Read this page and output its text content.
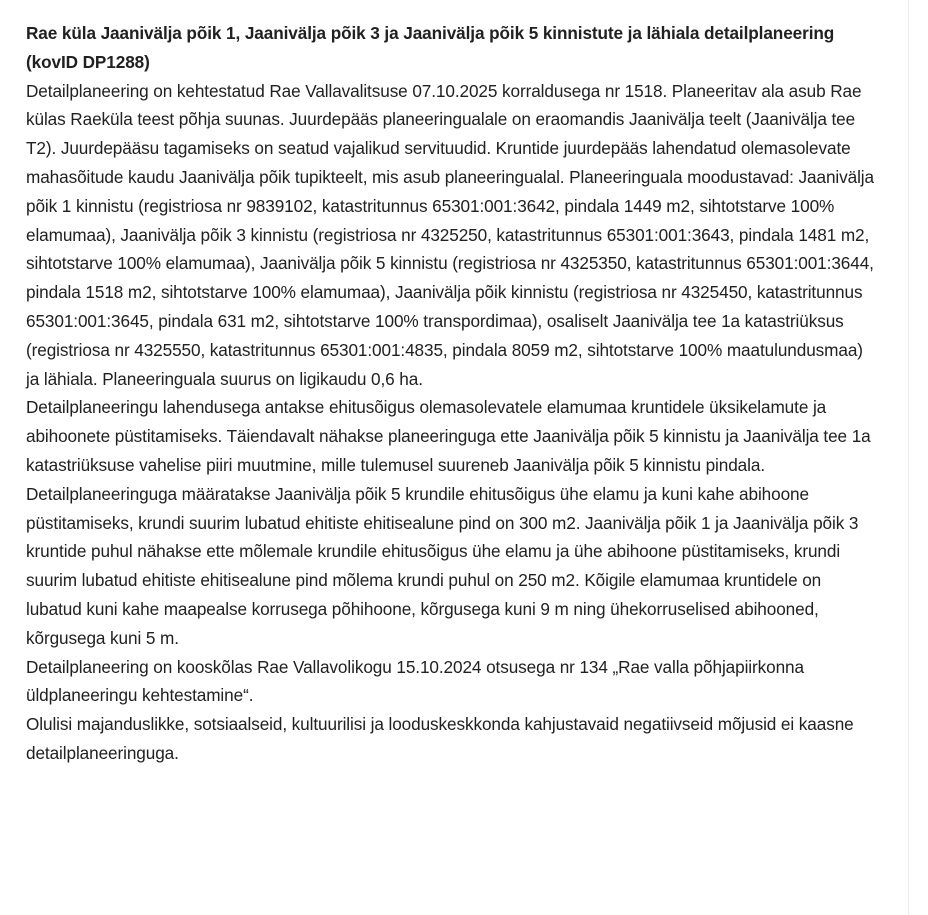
Rae küla Jaanivälja põik 1, Jaanivälja põik 3 ja Jaanivälja põik 5 kinnistute ja lähiala detailplaneering (kovID DP1288)

Detailplaneering on kehtestatud Rae Vallavalitsuse 07.10.2025 korraldusega nr 1518. Planeeritav ala asub Rae külas Raeküla teest põhja suunas. Juurdepääs planeeringualale on eraomandis Jaanivälja teelt (Jaanivälja tee T2). Juurdepääsu tagamiseks on seatud vajalikud servituudid. Kruntide juurdepääs lahendatud olemasolevate mahasõitude kaudu Jaanivälja põik tupikteelt, mis asub planeeringualal. Planeeringuala moodustavad: Jaanivälja põik 1 kinnistu (registriosa nr 9839102, katastritunnus 65301:001:3642, pindala 1449 m2, sihtotstarve 100% elamumaa), Jaanivälja põik 3 kinnistu (registriosa nr 4325250, katastritunnus 65301:001:3643, pindala 1481 m2, sihtotstarve 100% elamumaa), Jaanivälja põik 5 kinnistu (registriosa nr 4325350, katastritunnus 65301:001:3644, pindala 1518 m2, sihtotstarve 100% elamumaa), Jaanivälja põik kinnistu (registriosa nr 4325450, katastritunnus 65301:001:3645, pindala 631 m2, sihtotstarve 100% transpordimaa), osaliselt Jaanivälja tee 1a katastriüksus (registriosa nr 4325550, katastritunnus 65301:001:4835, pindala 8059 m2, sihtotstarve 100% maatulundusmaa) ja lähiala. Planeeringuala suurus on ligikaudu 0,6 ha.

Detailplaneeringu lahendusega antakse ehitusõigus olemasolevatele elamumaa kruntidele üksikelamute ja abihoonete püstitamiseks. Täiendavalt nähakse planeeringuga ette Jaanivälja põik 5 kinnistu ja Jaanivälja tee 1a katastriüksuse vahelise piiri muutmine, mille tulemusel suureneb Jaanivälja põik 5 kinnistu pindala. Detailplaneeringuga määratakse Jaanivälja põik 5 krundile ehitusõigus ühe elamu ja kuni kahe abihoone püstitamiseks, krundi suurim lubatud ehitiste ehitisealune pind on 300 m2. Jaanivälja põik 1 ja Jaanivälja põik 3 kruntide puhul nähakse ette mõlemale krundile ehitusõigus ühe elamu ja ühe abihoone püstitamiseks, krundi suurim lubatud ehitiste ehitisealune pind mõlema krundi puhul on 250 m2. Kõigile elamumaa kruntidele on lubatud kuni kahe maapealse korrusega põhihoone, kõrgusega kuni 9 m ning ühekorruselised abihooned, kõrgusega kuni 5 m.

Detailplaneering on kooskõlas Rae Vallavolikogu 15.10.2024 otsusega nr 134 „Rae valla põhjapiirkonna üldplaneeringu kehtestamine“.

Olulisi majanduslikke, sotsiaalseid, kultuurilisi ja looduskeskkonda kahjustavaid negatiivseid mõjusid ei kaasne detailplaneeringuga.
